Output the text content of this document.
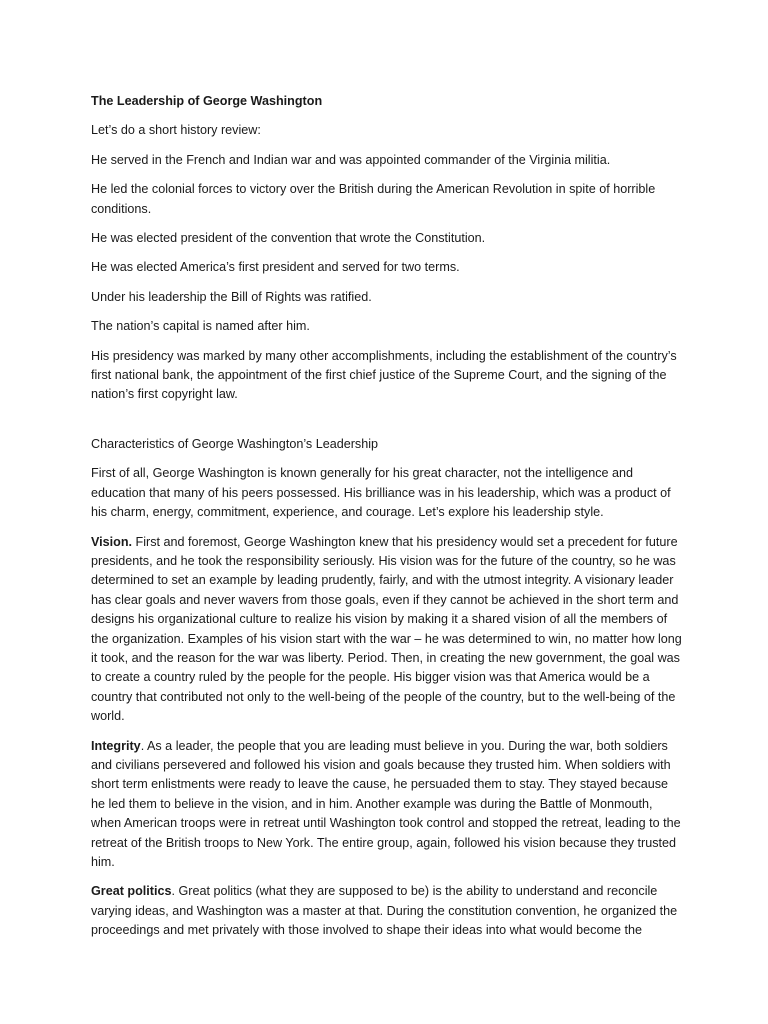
The Leadership of George Washington

Let’s do a short history review:

He served in the French and Indian war and was appointed commander of the Virginia militia.

He led the colonial forces to victory over the British during the American Revolution in spite of horrible conditions.

He was elected president of the convention that wrote the Constitution.

He was elected America’s first president and served for two terms.

Under his leadership the Bill of Rights was ratified.

The nation’s capital is named after him.

His presidency was marked by many other accomplishments, including the establishment of the country’s first national bank, the appointment of the first chief justice of the Supreme Court, and the signing of the nation’s first copyright law.

Characteristics of George Washington’s Leadership

First of all, George Washington is known generally for his great character, not the intelligence and education that many of his peers possessed. His brilliance was in his leadership, which was a product of his charm, energy, commitment, experience, and courage. Let’s explore his leadership style.

Vision. First and foremost, George Washington knew that his presidency would set a precedent for future presidents, and he took the responsibility seriously. His vision was for the future of the country, so he was determined to set an example by leading prudently, fairly, and with the utmost integrity. A visionary leader has clear goals and never wavers from those goals, even if they cannot be achieved in the short term and designs his organizational culture to realize his vision by making it a shared vision of all the members of the organization. Examples of his vision start with the war – he was determined to win, no matter how long it took, and the reason for the war was liberty. Period. Then, in creating the new government, the goal was to create a country ruled by the people for the people. His bigger vision was that America would be a country that contributed not only to the well-being of the people of the country, but to the well-being of the world.

Integrity. As a leader, the people that you are leading must believe in you. During the war, both soldiers and civilians persevered and followed his vision and goals because they trusted him. When soldiers with short term enlistments were ready to leave the cause, he persuaded them to stay. They stayed because he led them to believe in the vision, and in him. Another example was during the Battle of Monmouth, when American troops were in retreat until Washington took control and stopped the retreat, leading to the retreat of the British troops to New York. The entire group, again, followed his vision because they trusted him.

Great politics. Great politics (what they are supposed to be) is the ability to understand and reconcile varying ideas, and Washington was a master at that. During the constitution convention, he organized the proceedings and met privately with those involved to shape their ideas into what would become the
